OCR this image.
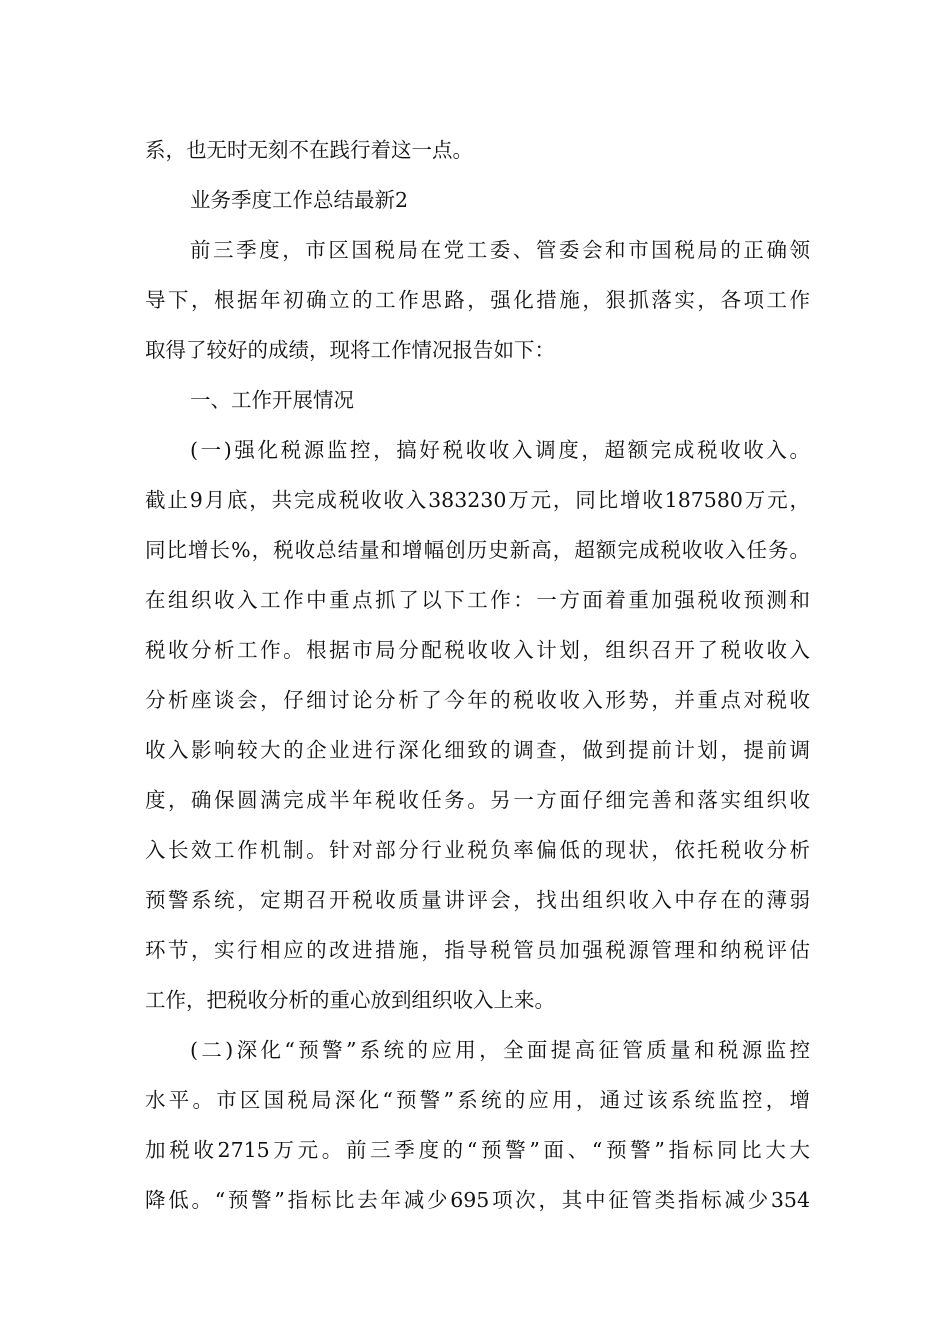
系，也无时无刻不在践行着这一点。
业务季度工作总结最新2
前三季度，市区国税局在党工委、管委会和市国税局的正确领
导下，根据年初确立的工作思路，强化措施，狠抓落实，各项工作
取得了较好的成绩，现将工作情况报告如下：
一、工作开展情况
(一)强化税源监控，搞好税收收入调度，超额完成税收收入。
截止9月底，共完成税收收入383230万元，同比增收187580万元，
同比增长%，税收总结量和增幅创历史新高，超额完成税收收入任务。
在组织收入工作中重点抓了以下工作：一方面着重加强税收预测和
税收分析工作。根据市局分配税收收入计划，组织召开了税收收入
分析座谈会，仔细讨论分析了今年的税收收入形势，并重点对税收
收入影响较大的企业进行深化细致的调查，做到提前计划，提前调
度，确保圆满完成半年税收任务。另一方面仔细完善和落实组织收
入长效工作机制。针对部分行业税负率偏低的现状，依托税收分析
预警系统，定期召开税收质量讲评会，找出组织收入中存在的薄弱
环节，实行相应的改进措施，指导税管员加强税源管理和纳税评估
工作，把税收分析的重心放到组织收入上来。
(二)深化“预警”系统的应用，全面提高征管质量和税源监控
水平。市区国税局深化“预警”系统的应用，通过该系统监控，增
加税收2715万元。前三季度的“预警”面、“预警”指标同比大大
降低。“预警”指标比去年减少695项次，其中征管类指标减少354
